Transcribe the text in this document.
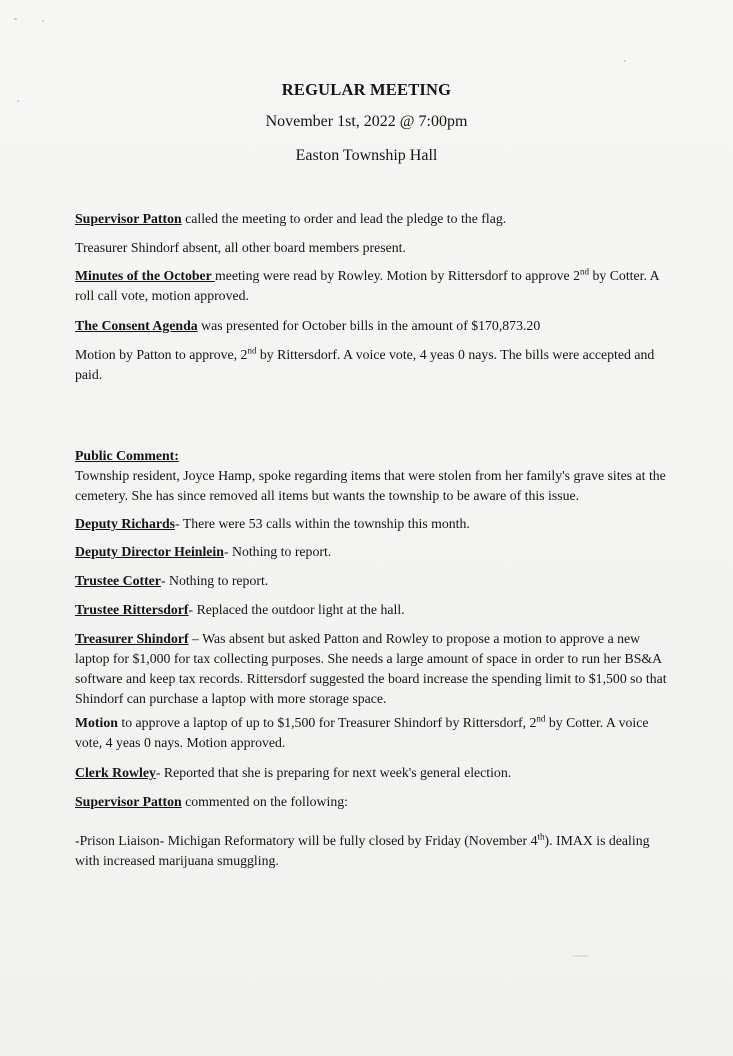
REGULAR MEETING
November 1st, 2022 @ 7:00pm
Easton Township Hall
Supervisor Patton called the meeting to order and lead the pledge to the flag.
Treasurer Shindorf absent, all other board members present.
Minutes of the October meeting were read by Rowley. Motion by Rittersdorf to approve 2nd by Cotter. A roll call vote, motion approved.
The Consent Agenda was presented for October bills in the amount of $170,873.20
Motion by Patton to approve, 2nd by Rittersdorf. A voice vote, 4 yeas 0 nays. The bills were accepted and paid.
Public Comment:
Township resident, Joyce Hamp, spoke regarding items that were stolen from her family's grave sites at the cemetery. She has since removed all items but wants the township to be aware of this issue.
Deputy Richards- There were 53 calls within the township this month.
Deputy Director Heinlein- Nothing to report.
Trustee Cotter- Nothing to report.
Trustee Rittersdorf- Replaced the outdoor light at the hall.
Treasurer Shindorf – Was absent but asked Patton and Rowley to propose a motion to approve a new laptop for $1,000 for tax collecting purposes. She needs a large amount of space in order to run her BS&A software and keep tax records. Rittersdorf suggested the board increase the spending limit to $1,500 so that Shindorf can purchase a laptop with more storage space.
Motion to approve a laptop of up to $1,500 for Treasurer Shindorf by Rittersdorf, 2nd by Cotter. A voice vote, 4 yeas 0 nays. Motion approved.
Clerk Rowley- Reported that she is preparing for next week's general election.
Supervisor Patton commented on the following:
-Prison Liaison- Michigan Reformatory will be fully closed by Friday (November 4th). IMAX is dealing with increased marijuana smuggling.
